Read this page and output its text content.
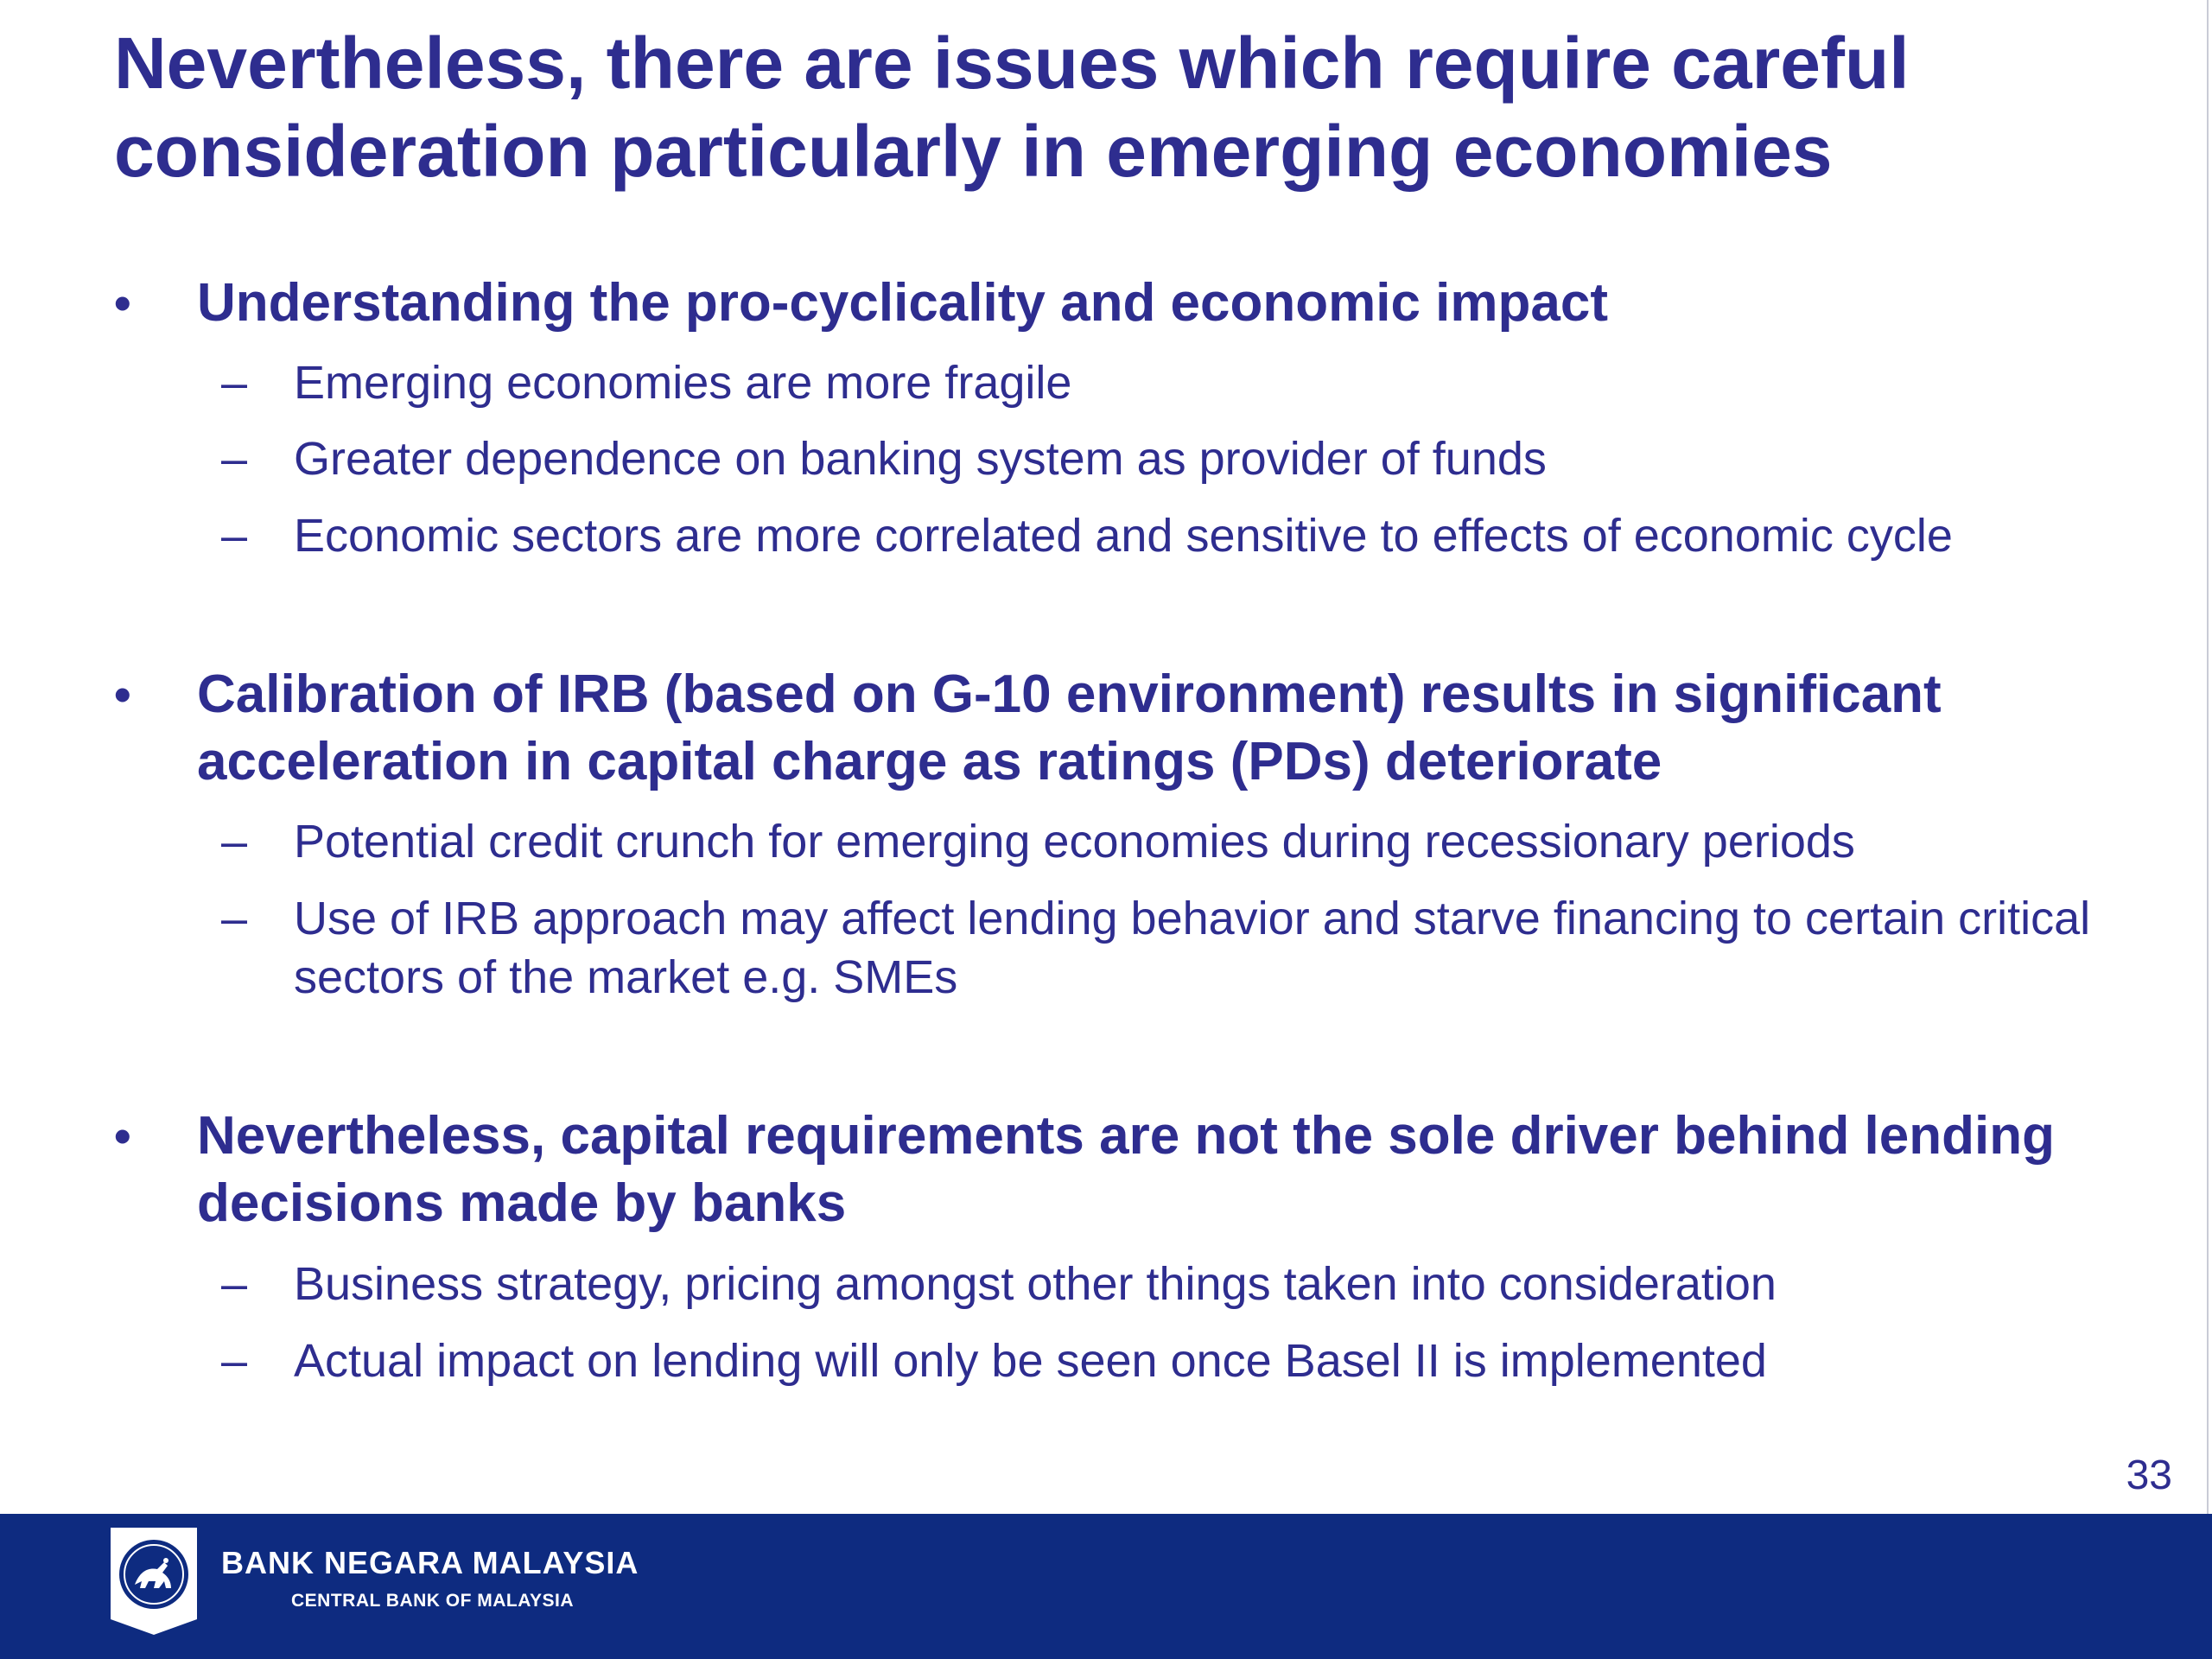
Nevertheless, there are issues which require careful consideration particularly in emerging economies
• Understanding the pro-cyclicality and economic impact

– Emerging economies are more fragile

– Greater dependence on banking system as provider of funds

– Economic sectors are more correlated and sensitive to effects of economic cycle

• Calibration of IRB (based on G-10 environment) results in significant acceleration in capital charge as ratings (PDs) deteriorate

– Potential credit crunch for emerging economies during recessionary periods

– Use of IRB approach may affect lending behavior and starve financing to certain critical sectors of the market e.g. SMEs

• Nevertheless, capital requirements are not the sole driver behind lending decisions made by banks

– Business strategy, pricing amongst other things taken into consideration

– Actual impact on lending will only be seen once Basel II is implemented

33
BANK NEGARA MALAYSIA
CENTRAL BANK OF MALAYSIA
